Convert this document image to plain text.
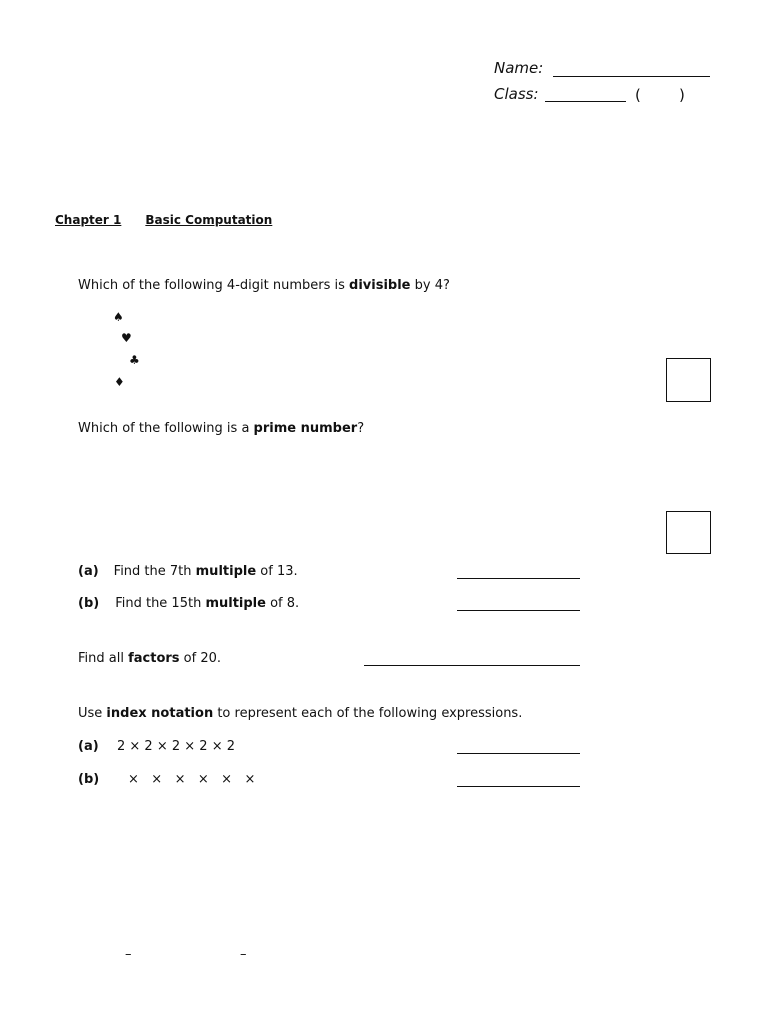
Name:
Class:	(	)
Chapter 1 Basic Computation
Which of the following 4-digit numbers is divisible by 4?
♠
♥
♣
♦
Which of the following is a prime number?
(a) Find the 7th multiple of 13.
(b) Find the 15th multiple of 8.
Find all factors of 20.
Use index notation to represent each of the following expressions.
(a) 2 × 2 × 2 × 2 × 2
(b) ×   ×   ×   ×   ×   ×
–	–
